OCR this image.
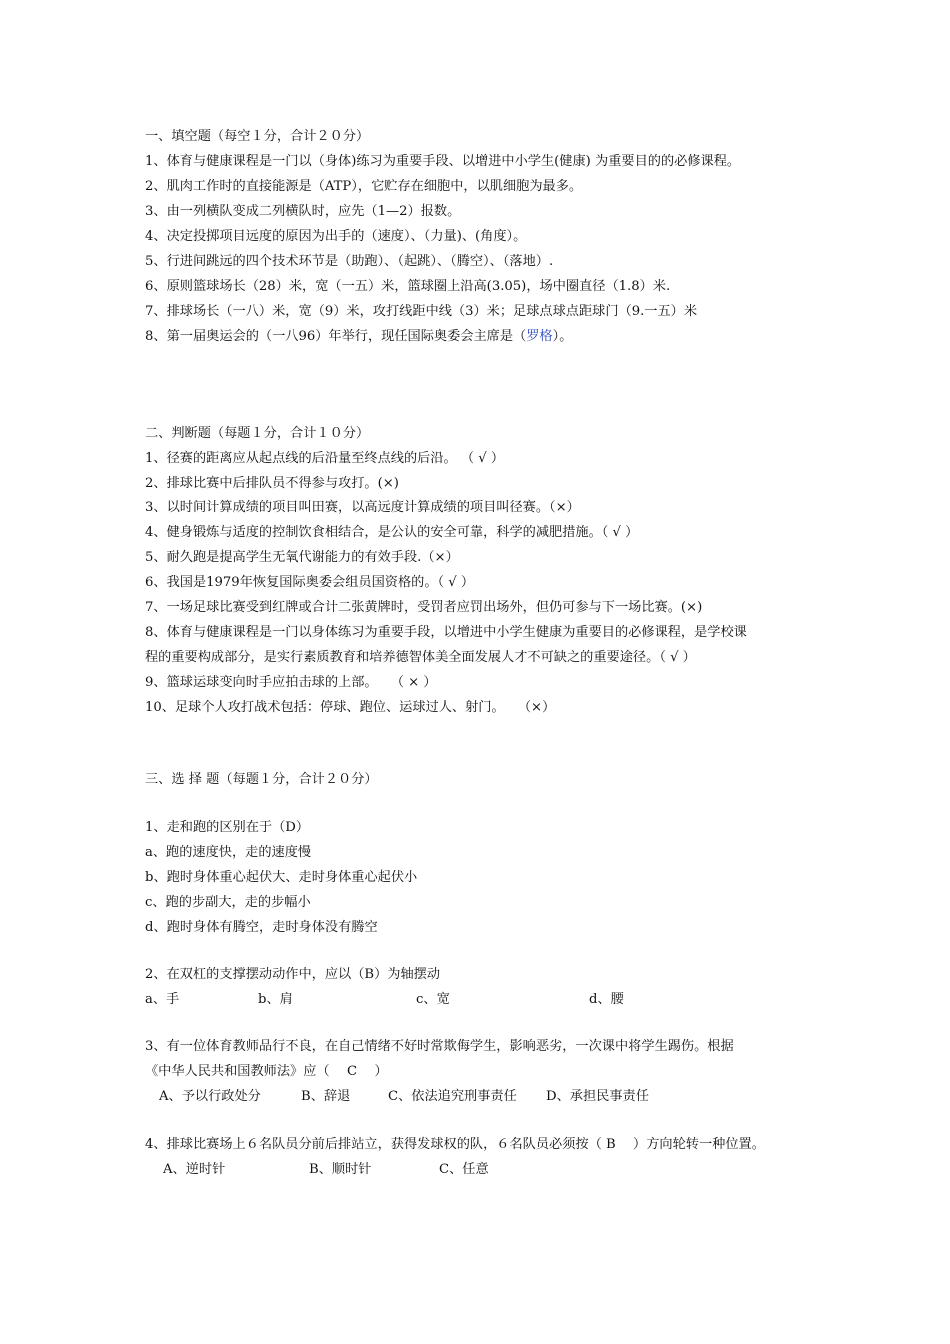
一、填空题（每空１分，合计２０分）
1、体育与健康课程是一门以（身体)练习为重要手段、以增进中小学生(健康) 为重要目的的必修课程。
2、肌肉工作时的直接能源是（ATP），它贮存在细胞中，以肌细胞为最多。
3、由一列横队变成二列横队时，应先（1—2）报数。
4、决定投掷项目远度的原因为出手的（速度）、（力量)、(角度）。
5、行进间跳远的四个技术环节是（助跑）、（起跳）、（腾空）、（落地）.
6、原则篮球场长（28）米，宽（一五）米，篮球圈上沿高(3.05)，场中圈直径（1.8）米.
7、排球场长（一八）米，宽（9）米，攻打线距中线（3）米；足球点球点距球门（9.一五）米
8、第一届奥运会的（一八96）年举行，现任国际奥委会主席是（罗格）。
二、判断题（每题１分，合计１０分）
1、径赛的距离应从起点线的后沿量至终点线的后沿。 （ √ ）
2、排球比赛中后排队员不得参与攻打。(×)
3、以时间计算成绩的项目叫田赛，以高远度计算成绩的项目叫径赛。（×）
4、健身锻炼与适度的控制饮食相结合，是公认的安全可靠，科学的减肥措施。（ √ ）
5、耐久跑是提高学生无氧代谢能力的有效手段.（×）
6、我国是1979年恢复国际奥委会组员国资格的。（ √ ）
7、一场足球比赛受到红牌或合计二张黄牌时，受罚者应罚出场外，但仍可参与下一场比赛。(×)
8、体育与健康课程是一门以身体练习为重要手段，以增进中小学生健康为重要目的必修课程，是学校课
程的重要构成部分，是实行素质教育和培养德智体美全面发展人才不可缺之的重要途径。（ √ ）
9、篮球运球变向时手应拍击球的上部。　　（ × ）
10、足球个人攻打战术包括：停球、跑位、运球过人、射门。　　（×）
三、选 择 题（每题１分，合计２０分）
1、走和跑的区别在于（D）
a、跑的速度快，走的速度慢
b、跑时身体重心起伏大、走时身体重心起伏小
c、跑的步副大，走的步幅小
d、跑时身体有腾空，走时身体没有腾空
2、在双杠的支撑摆动动作中，应以（B）为轴摆动
a、手	b、肩	c、宽	d、腰
3、有一位体育教师品行不良，在自己情绪不好时常欺侮学生，影响恶劣，一次课中将学生踢伤。根据
《中华人民共和国教师法》应（　 C　 ）
A、予以行政处分	B、辞退	C、依法追究刑事责任 D、承担民事责任
4、排球比赛场上６名队员分前后排站立，获得发球权的队，６名队员必须按（ B　 ）方向轮转一种位置。
A、逆时针	B、顺时针	C、任意
